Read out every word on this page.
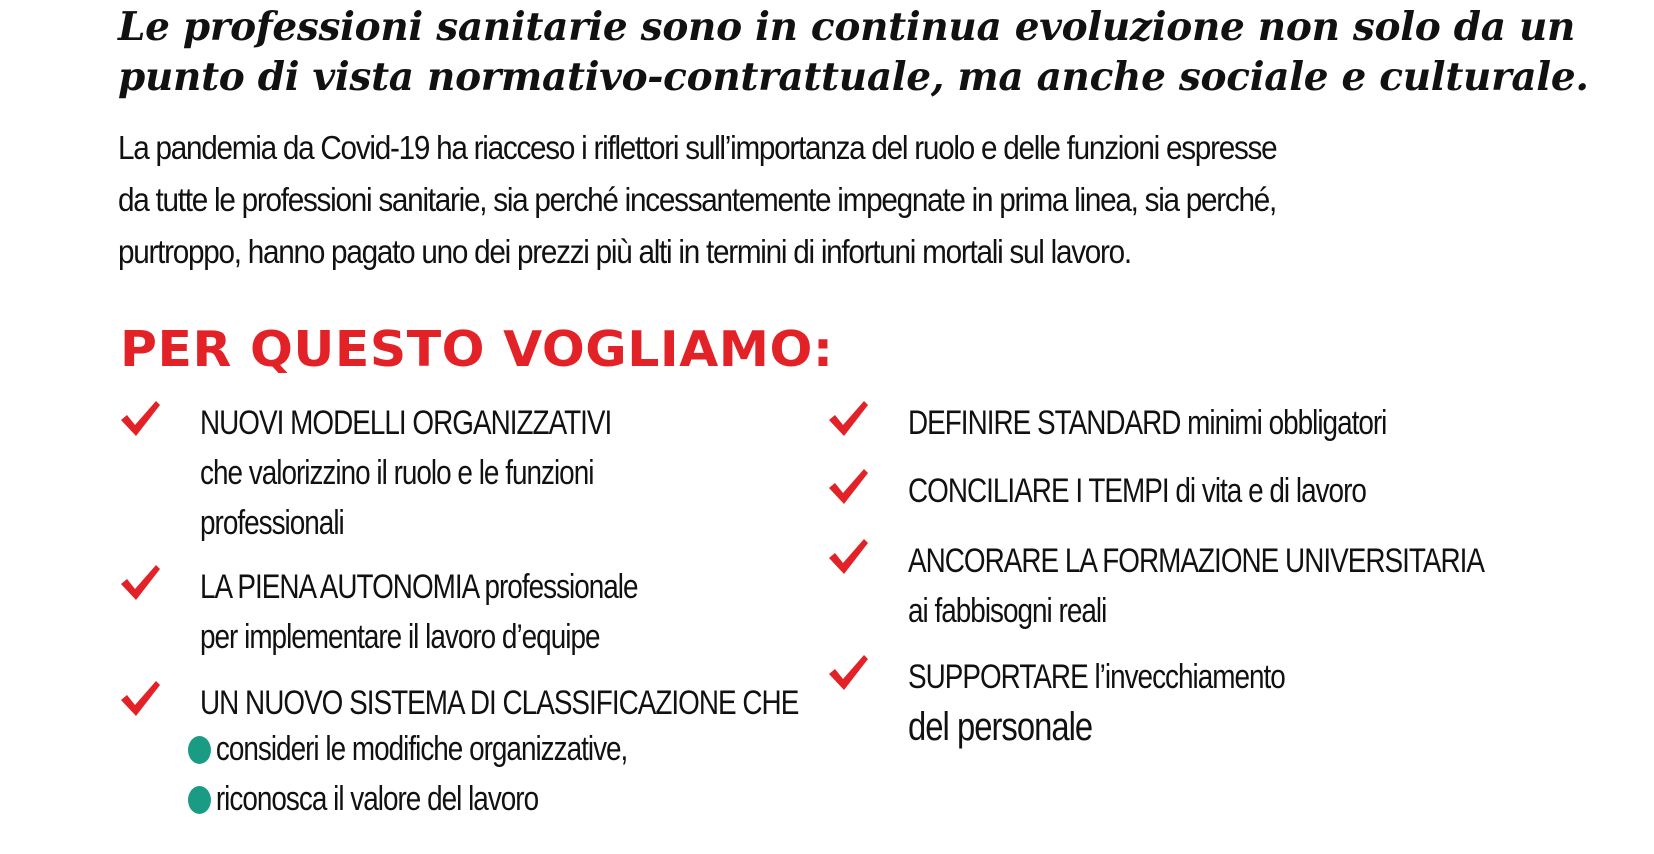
Le professioni sanitarie sono in continua evoluzione non solo da un
punto di vista normativo-contrattuale, ma anche sociale e culturale.

La pandemia da Covid-19 ha riacceso i riflettori sull’importanza del ruolo e delle funzioni espresse

da tutte le professioni sanitarie, sia perché incessantemente impegnate in prima linea, sia perché,

purtroppo, hanno pagato uno dei prezzi più alti in termini di infortuni mortali sul lavoro.

PER QUESTO VOGLIAMO:
NUOVI MODELLI ORGANIZZATIVI
che valorizzino il ruolo e le funzioni
professionali
LA PIENA AUTONOMIA professionale
per implementare il lavoro d’equipe
UN NUOVO SISTEMA DI CLASSIFICAZIONE CHE
consideri le modifiche organizzative,
riconosca il valore del lavoro
DEFINIRE STANDARD minimi obbligatori
CONCILIARE I TEMPI di vita e di lavoro
ANCORARE LA FORMAZIONE UNIVERSITARIA
ai fabbisogni reali
SUPPORTARE l’invecchiamento
del personale
